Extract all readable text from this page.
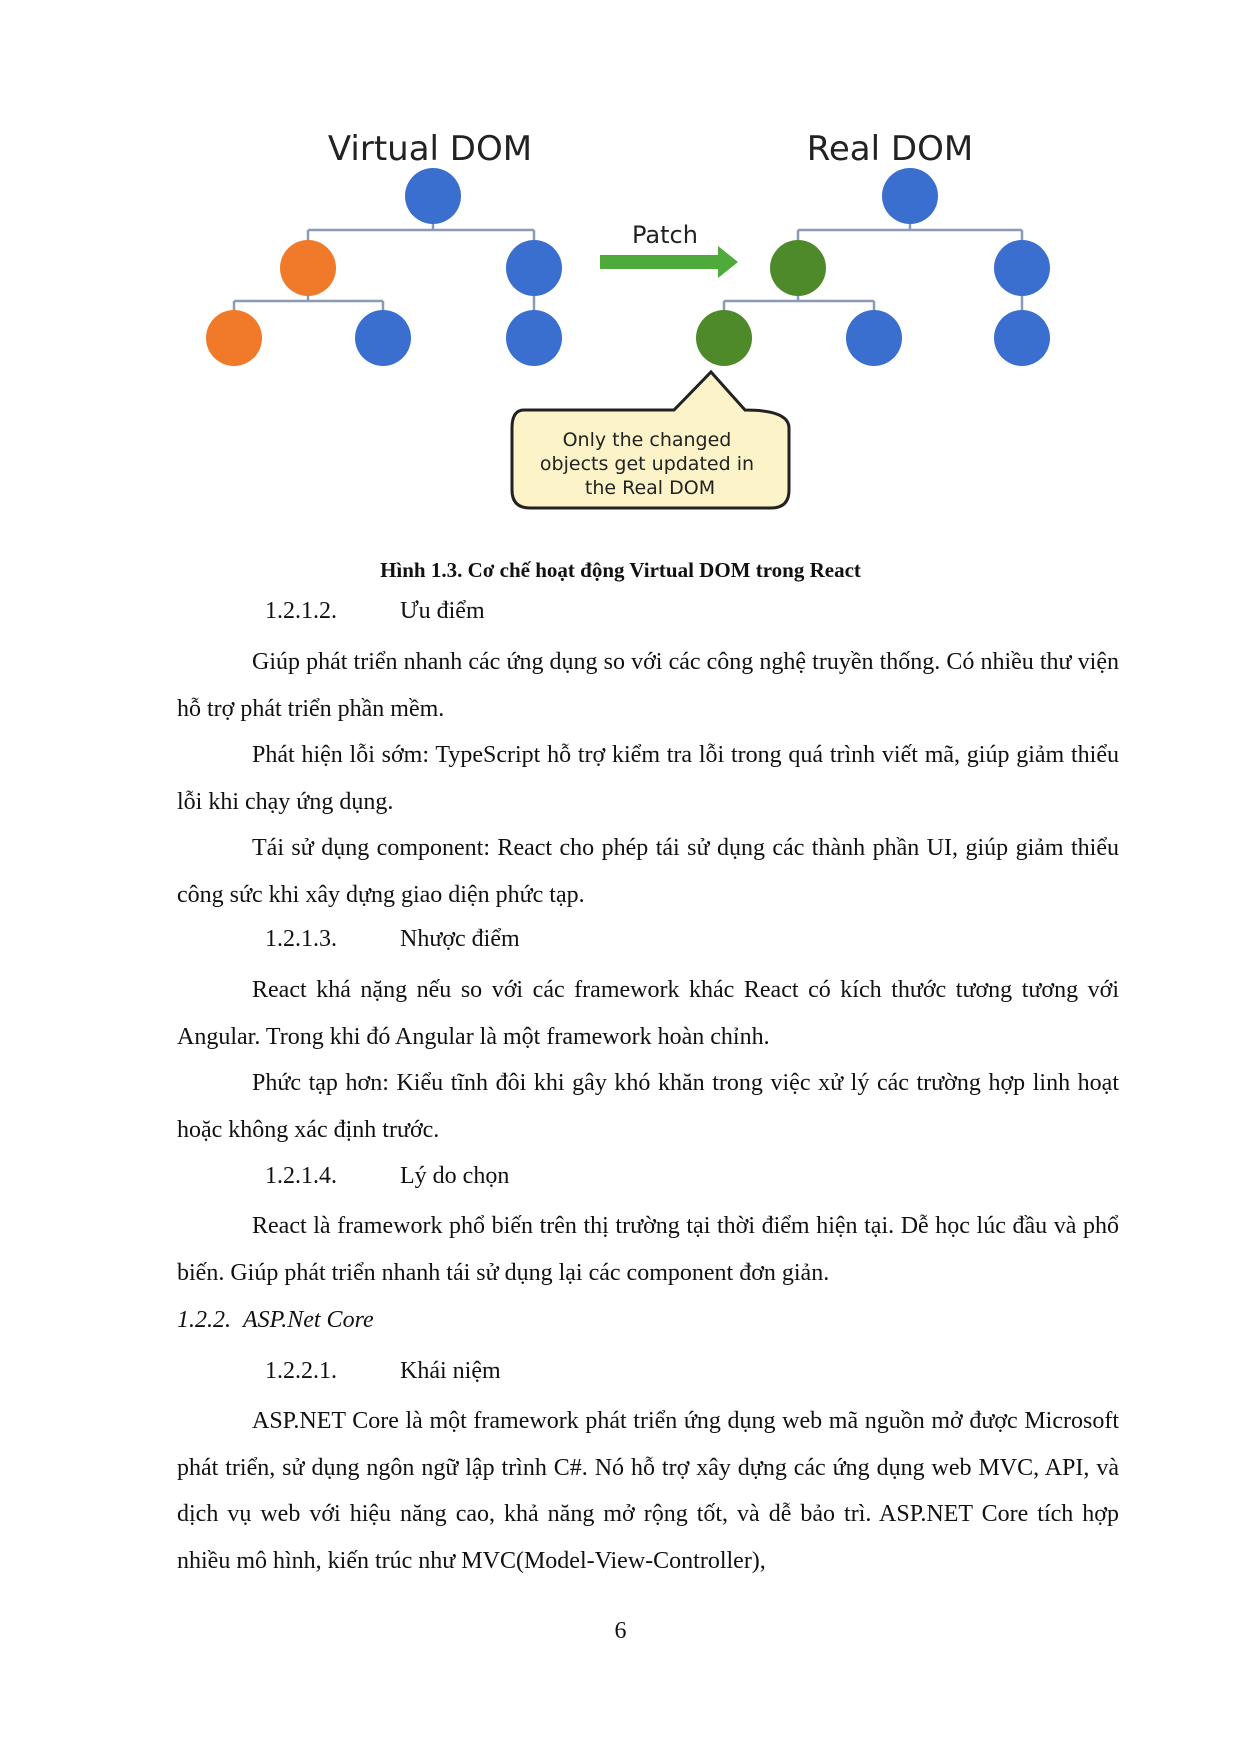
Virtual DOM	Real DOM
Patch
Only the changed objects get updated in the Real DOM
Hình 1.3. Cơ chế hoạt động Virtual DOM trong React
1.2.1.2.	Ưu điểm

Giúp phát triển nhanh các ứng dụng so với các công nghệ truyền thống. Có nhiều thư viện hỗ trợ phát triển phần mềm.

Phát hiện lỗi sớm: TypeScript hỗ trợ kiểm tra lỗi trong quá trình viết mã, giúp giảm thiểu lỗi khi chạy ứng dụng.

Tái sử dụng component: React cho phép tái sử dụng các thành phần UI, giúp giảm thiểu công sức khi xây dựng giao diện phức tạp.

1.2.1.3.	Nhược điểm

React khá nặng nếu so với các framework khác React có kích thước tương tương với Angular. Trong khi đó Angular là một framework hoàn chỉnh.

Phức tạp hơn: Kiểu tĩnh đôi khi gây khó khăn trong việc xử lý các trường hợp linh hoạt hoặc không xác định trước.

1.2.1.4.	Lý do chọn

React là framework phổ biến trên thị trường tại thời điểm hiện tại. Dễ học lúc đầu và phổ biến. Giúp phát triển nhanh tái sử dụng lại các component đơn giản.

1.2.2. ASP.Net Core
1.2.2.1.	Khái niệm

ASP.NET Core là một framework phát triển ứng dụng web mã nguồn mở được Microsoft phát triển, sử dụng ngôn ngữ lập trình C#. Nó hỗ trợ xây dựng các ứng dụng web MVC, API, và dịch vụ web với hiệu năng cao, khả năng mở rộng tốt, và dễ bảo trì. ASP.NET Core tích hợp nhiều mô hình, kiến trúc như MVC(Model-View-Controller),

6
